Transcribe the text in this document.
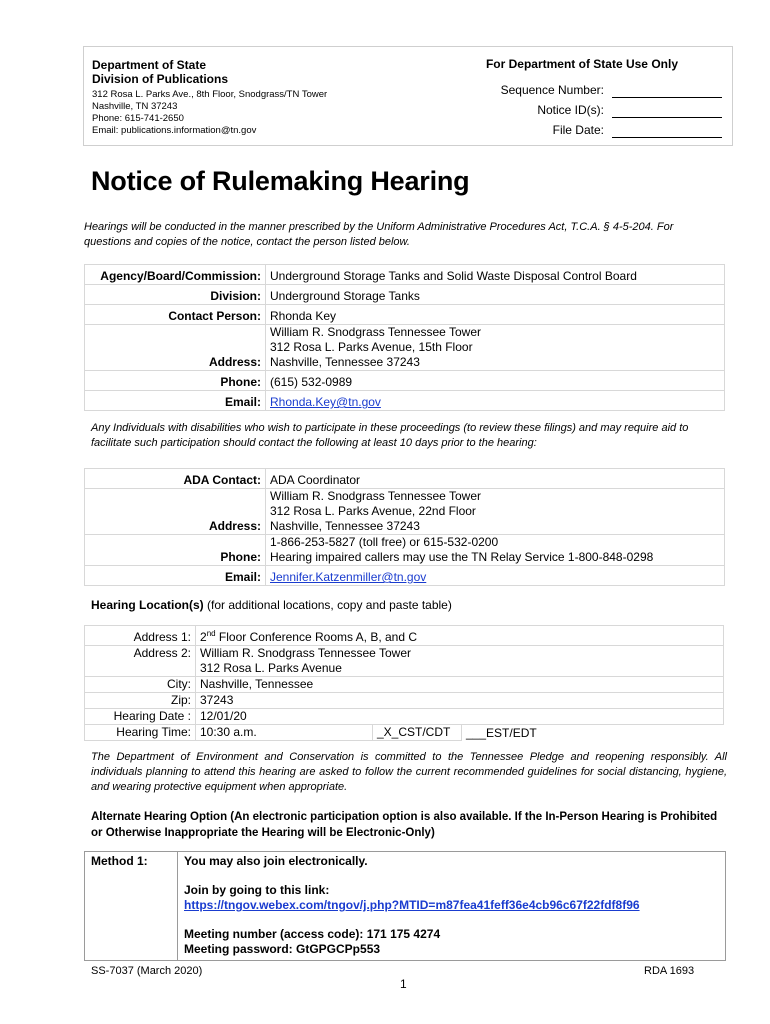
Department of State
Division of Publications
312 Rosa L. Parks Ave., 8th Floor, Snodgrass/TN Tower
Nashville, TN 37243
Phone: 615-741-2650
Email: publications.information@tn.gov
For Department of State Use Only
Sequence Number:
Notice ID(s):
File Date:
Notice of Rulemaking Hearing
Hearings will be conducted in the manner prescribed by the Uniform Administrative Procedures Act, T.C.A. § 4-5-204. For questions and copies of the notice, contact the person listed below.
Agency/Board/Commission:	Underground Storage Tanks and Solid Waste Disposal Control Board
Division:	Underground Storage Tanks
Contact Person:	Rhonda Key
Address:	William R. Snodgrass Tennessee Tower
312 Rosa L. Parks Avenue, 15th Floor
Nashville, Tennessee 37243

Phone:	(615) 532-0989
Email:	Rhonda.Key@tn.gov
Any Individuals with disabilities who wish to participate in these proceedings (to review these filings) and may require aid to facilitate such participation should contact the following at least 10 days prior to the hearing:
ADA Contact:	ADA Coordinator
Address:	William R. Snodgrass Tennessee Tower
312 Rosa L. Parks Avenue, 22nd Floor
Nashville, Tennessee 37243

Phone:	1-866-253-5827 (toll free) or 615-532-0200
Hearing impaired callers may use the TN Relay Service 1-800-848-0298

Email:	Jennifer.Katzenmiller@tn.gov
Hearing Location(s) (for additional locations, copy and paste table)
Address 1:	2nd Floor Conference Rooms A, B, and C		
Address 2:	William R. Snodgrass Tennessee Tower
312 Rosa L. Parks Avenue		

City:	Nashville, Tennessee		
Zip:	37243		
Hearing Date :	12/01/20		
Hearing Time:	10:30 a.m.	_X_CST/CDT	___EST/EDT
The Department of Environment and Conservation is committed to the Tennessee Pledge and reopening responsibly. All individuals planning to attend this hearing are asked to follow the current recommended guidelines for social distancing, hygiene, and wearing protective equipment when appropriate.
Alternate Hearing Option (An electronic participation option is also available. If the In-Person Hearing is Prohibited or Otherwise Inappropriate the Hearing will be Electronic-Only)
Method 1:	You may also join electronically.

Join by going to this link:

https://tngov.webex.com/tngov/j.php?MTID=m87fea41feff36e4cb96c67f22fdf8f96

Meeting number (access code): 171 175 4274

Meeting password: GtGPGCPp553

SS-7037 (March 2020)	RDA 1693
1
